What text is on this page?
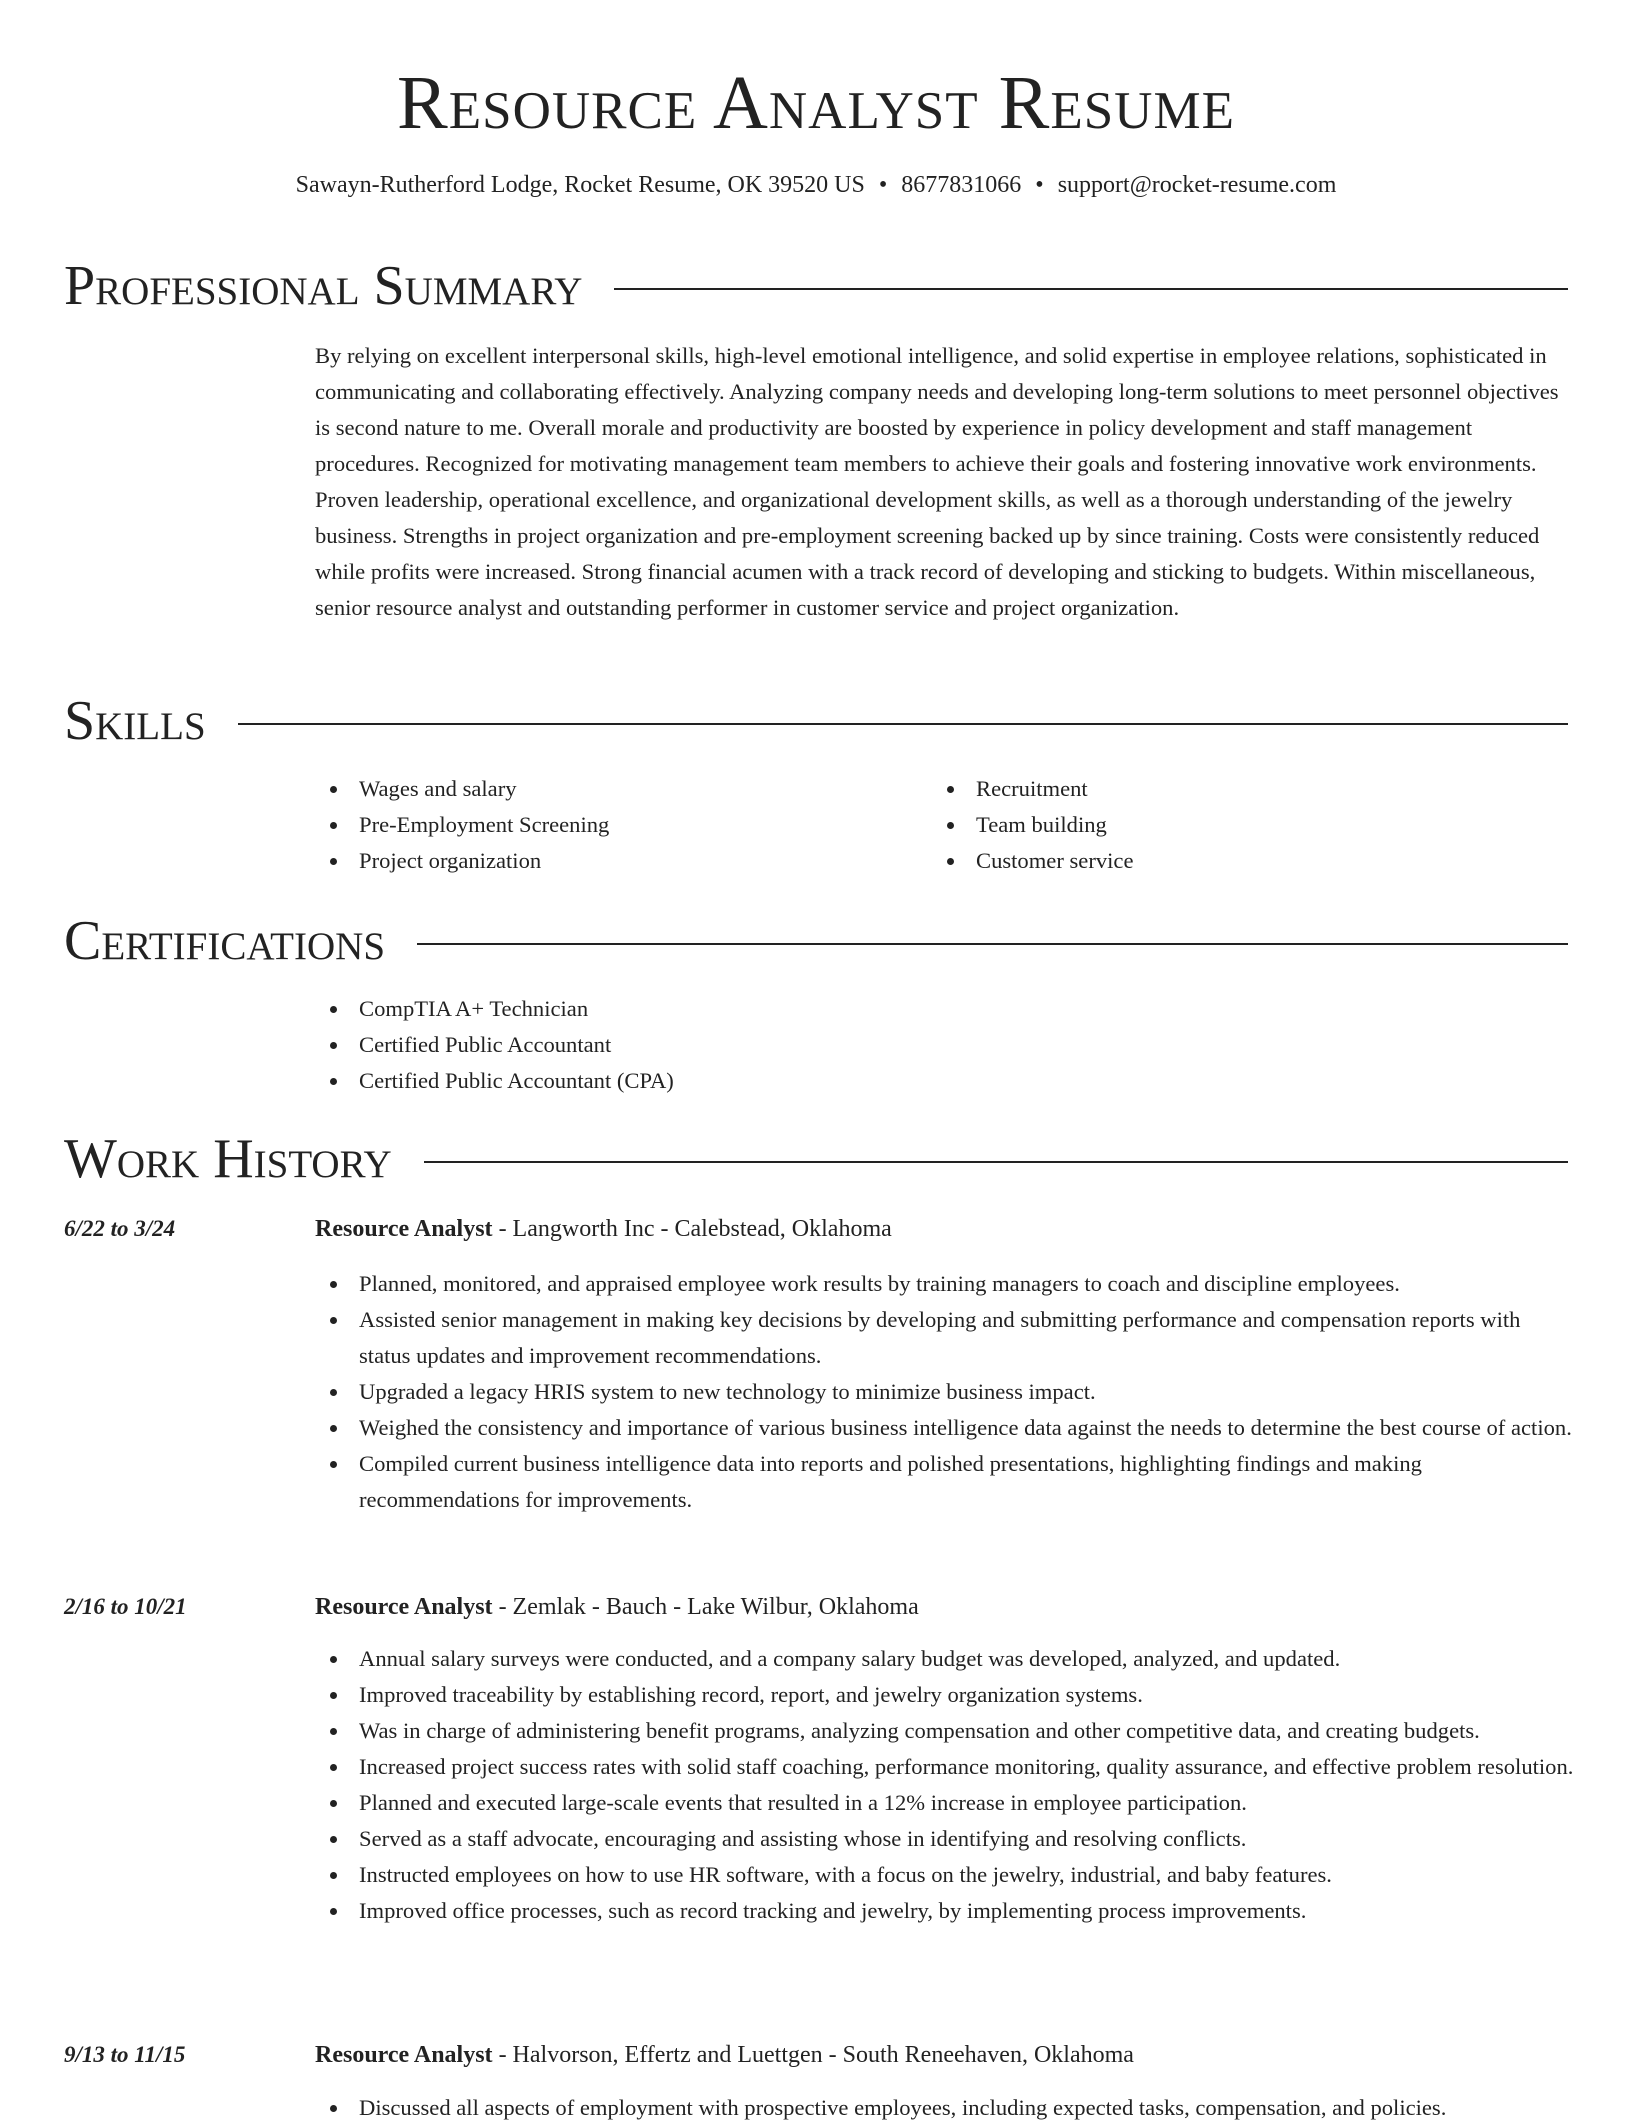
Resource Analyst Resume
Sawayn-Rutherford Lodge, Rocket Resume, OK 39520 US • 8677831066 • support@rocket-resume.com
Professional Summary

By relying on excellent interpersonal skills, high-level emotional intelligence, and solid expertise in employee relations, sophisticated in communicating and collaborating effectively. Analyzing company needs and developing long-term solutions to meet personnel objectives is second nature to me. Overall morale and productivity are boosted by experience in policy development and staff management procedures. Recognized for motivating management team members to achieve their goals and fostering innovative work environments. Proven leadership, operational excellence, and organizational development skills, as well as a thorough understanding of the jewelry business. Strengths in project organization and pre-employment screening backed up by since training. Costs were consistently reduced while profits were increased. Strong financial acumen with a track record of developing and sticking to budgets. Within miscellaneous, senior resource analyst and outstanding performer in customer service and project organization.

Skills
Wages and salary
Pre-Employment Screening
Project organization
Recruitment
Team building
Customer service
Certifications
CompTIA A+ Technician
Certified Public Accountant
Certified Public Accountant (CPA)
Work History
6/22 to 3/24	Resource Analyst - Langworth Inc - Calebstead, Oklahoma
Planned, monitored, and appraised employee work results by training managers to coach and discipline employees.
Assisted senior management in making key decisions by developing and submitting performance and compensation reports with status updates and improvement recommendations.
Upgraded a legacy HRIS system to new technology to minimize business impact.
Weighed the consistency and importance of various business intelligence data against the needs to determine the best course of action.
Compiled current business intelligence data into reports and polished presentations, highlighting findings and making recommendations for improvements.
2/16 to 10/21	Resource Analyst - Zemlak - Bauch - Lake Wilbur, Oklahoma
Annual salary surveys were conducted, and a company salary budget was developed, analyzed, and updated.
Improved traceability by establishing record, report, and jewelry organization systems.
Was in charge of administering benefit programs, analyzing compensation and other competitive data, and creating budgets.
Increased project success rates with solid staff coaching, performance monitoring, quality assurance, and effective problem resolution.
Planned and executed large-scale events that resulted in a 12% increase in employee participation.
Served as a staff advocate, encouraging and assisting whose in identifying and resolving conflicts.
Instructed employees on how to use HR software, with a focus on the jewelry, industrial, and baby features.
Improved office processes, such as record tracking and jewelry, by implementing process improvements.
9/13 to 11/15	Resource Analyst - Halvorson, Effertz and Luettgen - South Reneehaven, Oklahoma
Discussed all aspects of employment with prospective employees, including expected tasks, compensation, and policies.
